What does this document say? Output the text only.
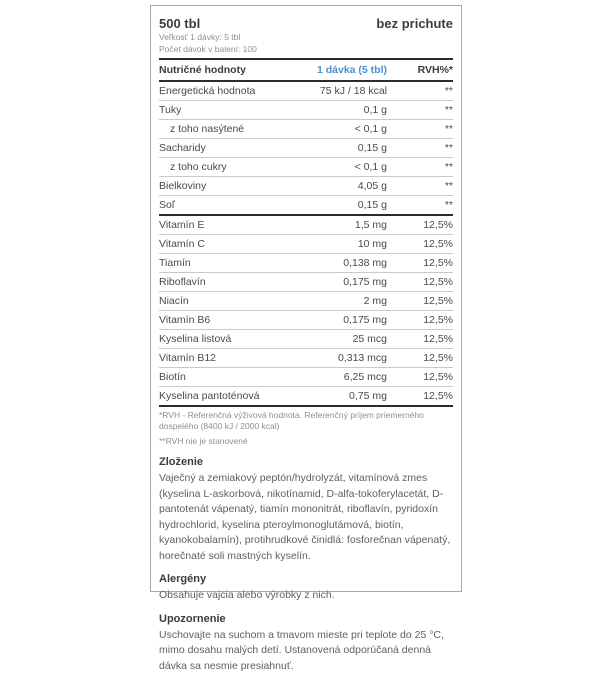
500 tbl	bez prichute
Veľkosť 1 dávky: 5 tbl
Počet dávok v balení: 100
Nutričné hodnoty	1 dávka (5 tbl)	RVH%*
Energetická hodnota	75 kJ / 18 kcal	**
Tuky	0,1 g	**
z toho nasýtené	< 0,1 g	**
Sacharidy	0,15 g	**
z toho cukry	< 0,1 g	**
Bielkoviny	4,05 g	**
Soľ	0,15 g	**
Vitamín E	1,5 mg	12,5%
Vitamín C	10 mg	12,5%
Tiamín	0,138 mg	12,5%
Riboflavín	0,175 mg	12,5%
Niacín	2 mg	12,5%
Vitamín B6	0,175 mg	12,5%
Kyselina listová	25 mcg	12,5%
Vitamín B12	0,313 mcg	12,5%
Biotín	6,25 mcg	12,5%
Kyselina pantoténová	0,75 mg	12,5%
*RVH - Referenčná výživová hodnota. Referenčný príjem priemerného dospelého (8400 kJ / 2000 kcal)
**RVH nie je stanovené
Zloženie
Vaječný a zemiakový peptón/hydrolyzát, vitamínová zmes (kyselina L-askorbová, nikotínamid, D-alfa-tokoferylacetát, D-pantotenát vápenatý, tiamín mononitrát, riboflavín, pyridoxín hydrochlorid, kyselina pteroylmonoglutámová, biotín, kyanokobalamín), protihrudkové činidlá: fosforečnan vápenatý, horečnaté soli mastných kyselín.
Alergény
Obsahuje vajcia alebo výrobky z nich.
Upozornenie
Uschovajte na suchom a tmavom mieste pri teplote do 25 °C, mimo dosahu malých detí. Ustanovená odporúčaná denná dávka sa nesmie presiahnuť.
